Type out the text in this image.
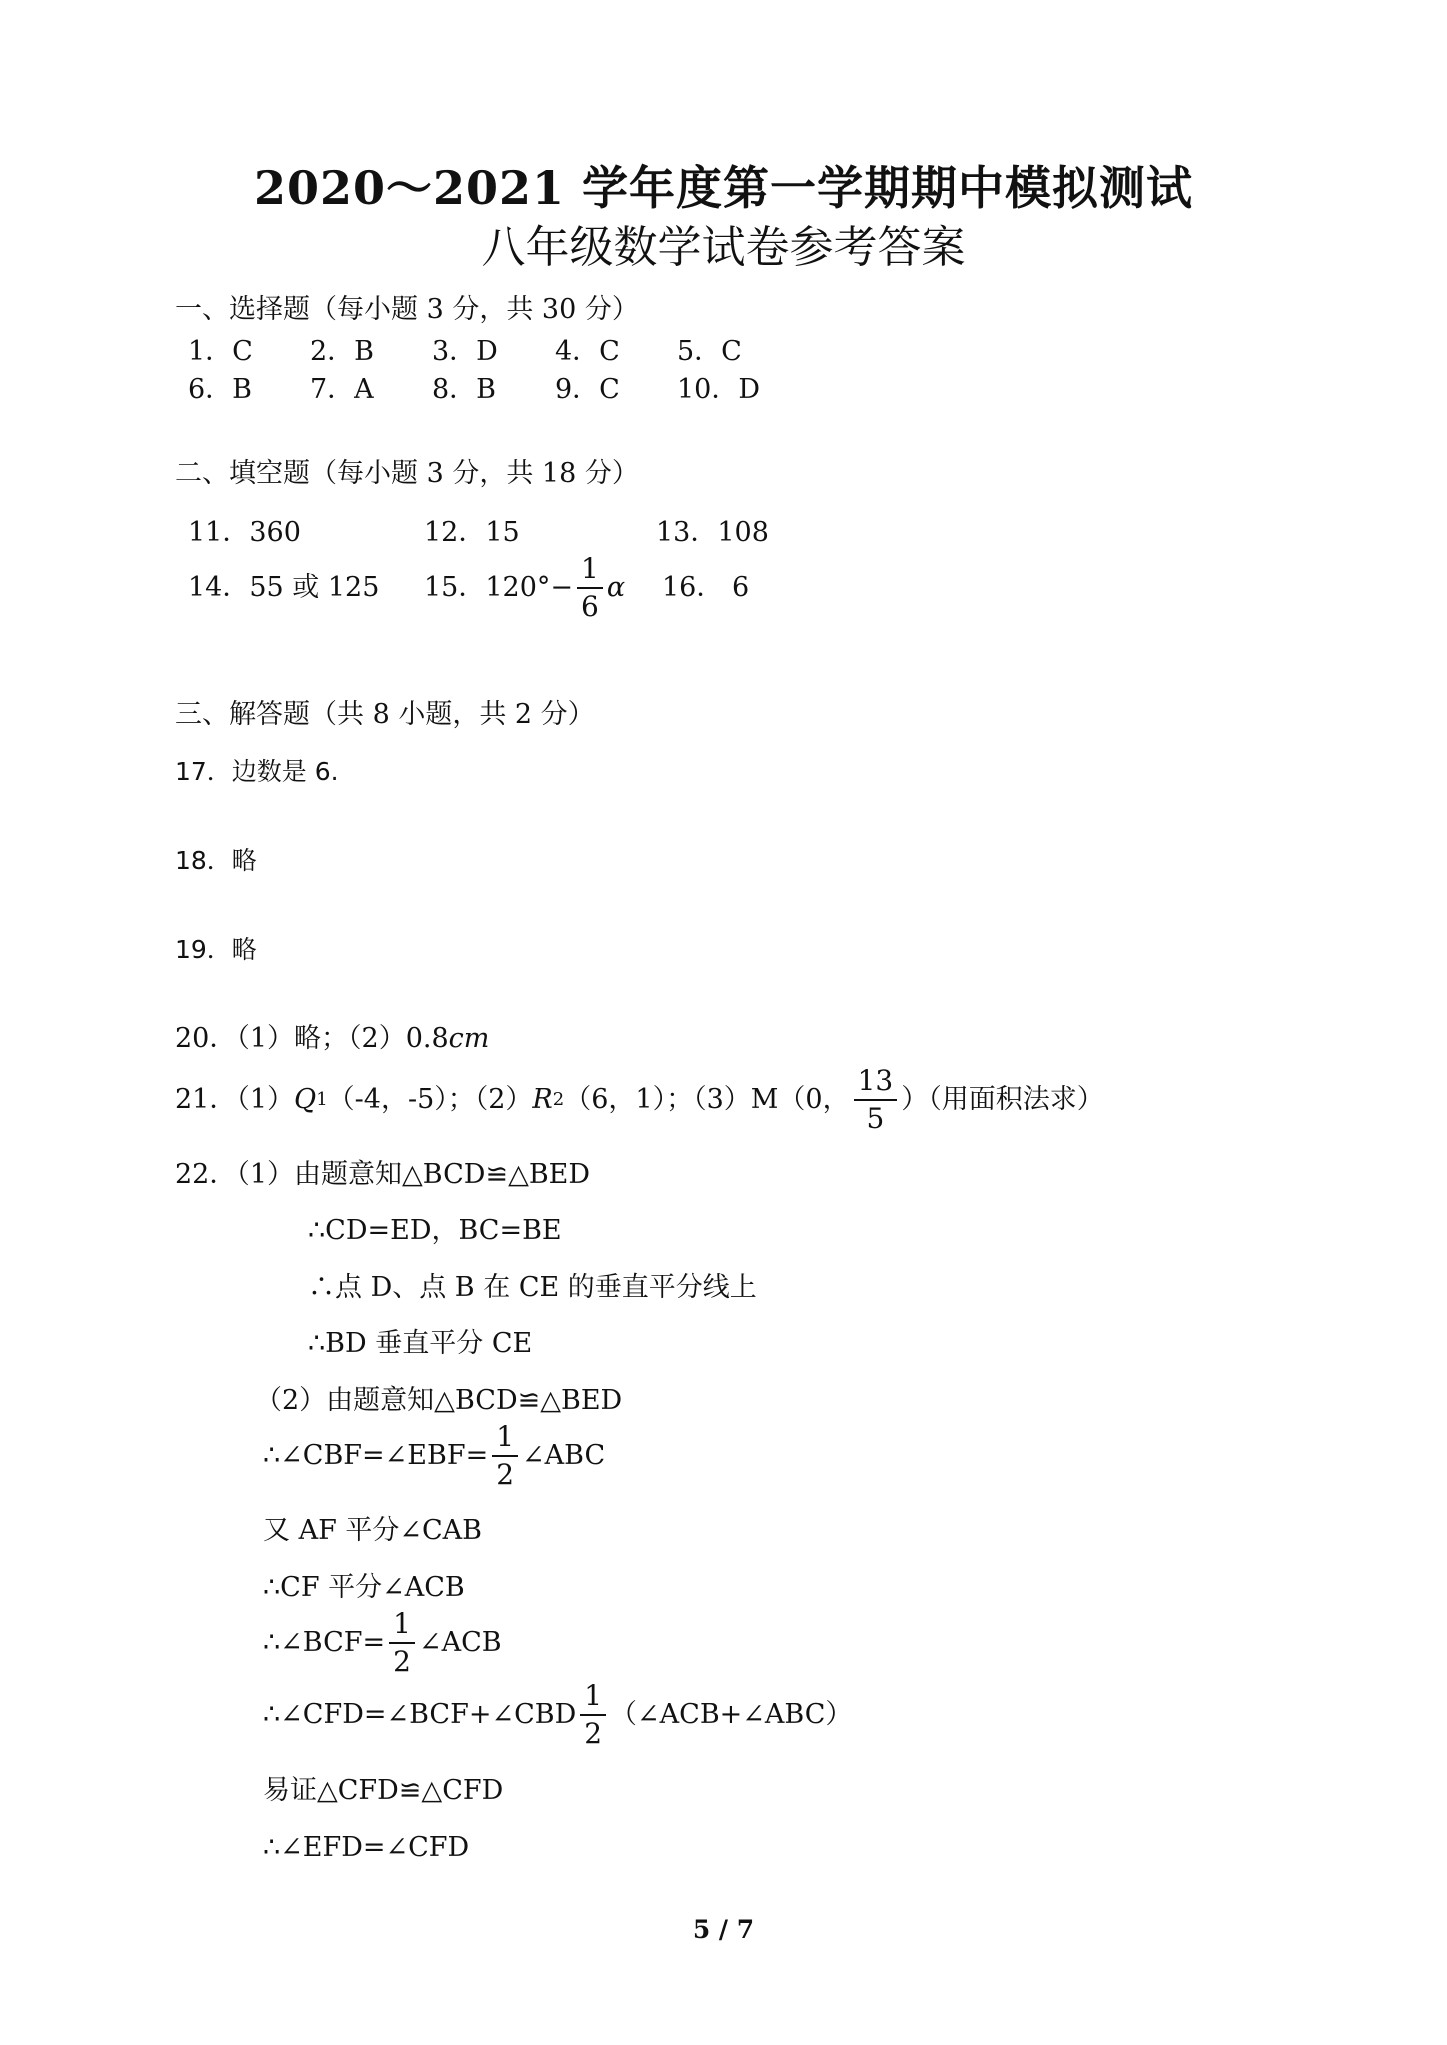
2020～2021 学年度第一学期期中模拟测试
八年级数学试卷参考答案
一、选择题（每小题 3 分，共 30 分）
1．C 2．B 3．D 4．C 5．C
6．B 7．A 8．B 9．C 10．D
二、填空题（每小题 3 分，共 18 分）
11．360	12．15	13．108
14．55 或 125 15．$120^\circ- \frac{1}{6}$ α 16． 6
三、解答题（共 8 小题，共 2 分）
17．边数是 6.
18．略
19．略
20．（1）略；（2）0.8cm
21．（1） Q 1 （-4，-5）；（2） R 2 （6，1）；（3）M（0， $\frac{13}{5}$ ）（用面积法求）
22．（1）由题意知△BCD≌△BED
∴CD=ED，BC=BE
∴点 D、点 B 在 CE 的垂直平分线上
∴BD 垂直平分 CE
（2）由题意知△BCD≌△BED
∴∠CBF=∠EBF= $\frac{1}{2}$ ∠ABC
又 AF 平分∠CAB
∴CF 平分∠ACB
∴∠BCF= $\frac{1}{2}$ ∠ACB
∴∠CFD=∠BCF+∠CBD $\frac{1}{2}$ （∠ACB+∠ABC）
易证△CFD≌△CFD
∴∠EFD=∠CFD
5 / 7
